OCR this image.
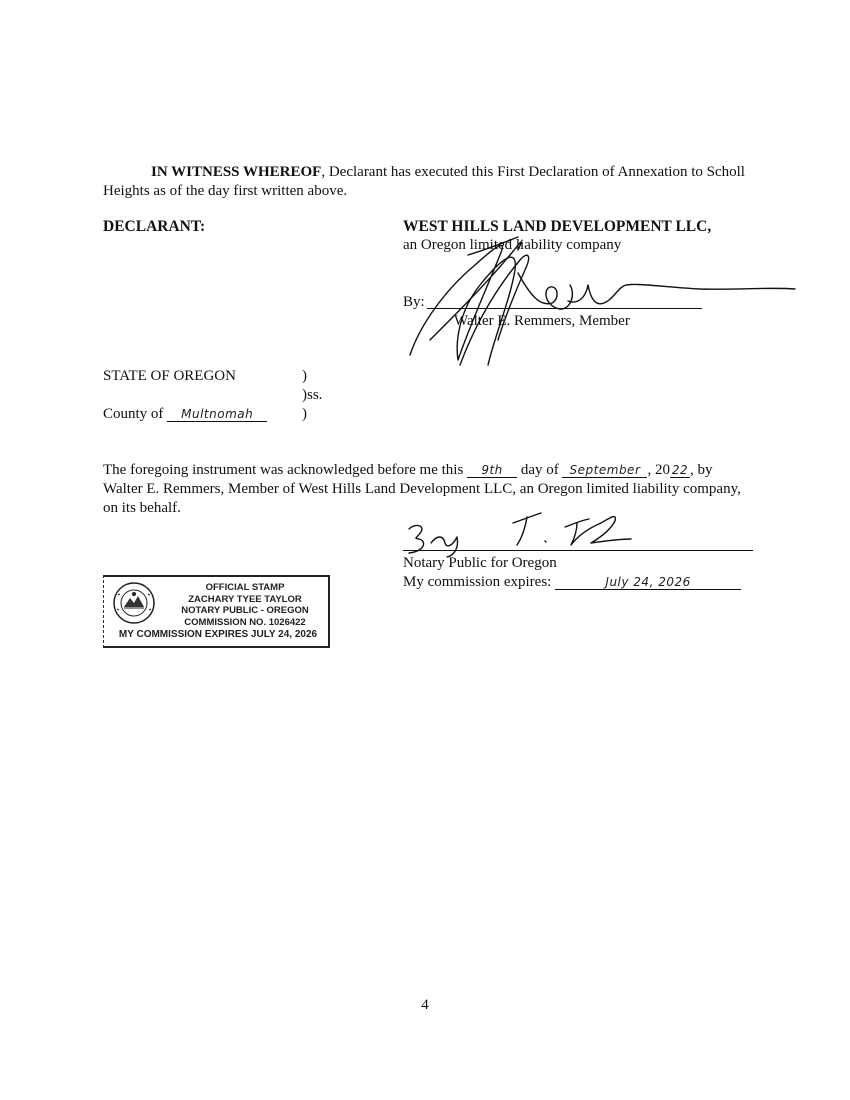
IN WITNESS WHEREOF, Declarant has executed this First Declaration of Annexation to Scholl Heights as of the day first written above.
DECLARANT:	WEST HILLS LAND DEVELOPMENT LLC,
an Oregon limited liability company
By:
Walter E. Remmers, Member
STATE OF OREGON	)
)ss.
County of Multnomah	)
The foregoing instrument was acknowledged before me this 9th day of September , 20 22 , by Walter E. Remmers, Member of West Hills Land Development LLC, an Oregon limited liability company, on its behalf.
Notary Public for Oregon
My commission expires:	July 24, 2026
OFFICIAL STAMP
ZACHARY TYEE TAYLOR
NOTARY PUBLIC - OREGON
COMMISSION NO. 1026422
MY COMMISSION EXPIRES JULY 24, 2026
4
